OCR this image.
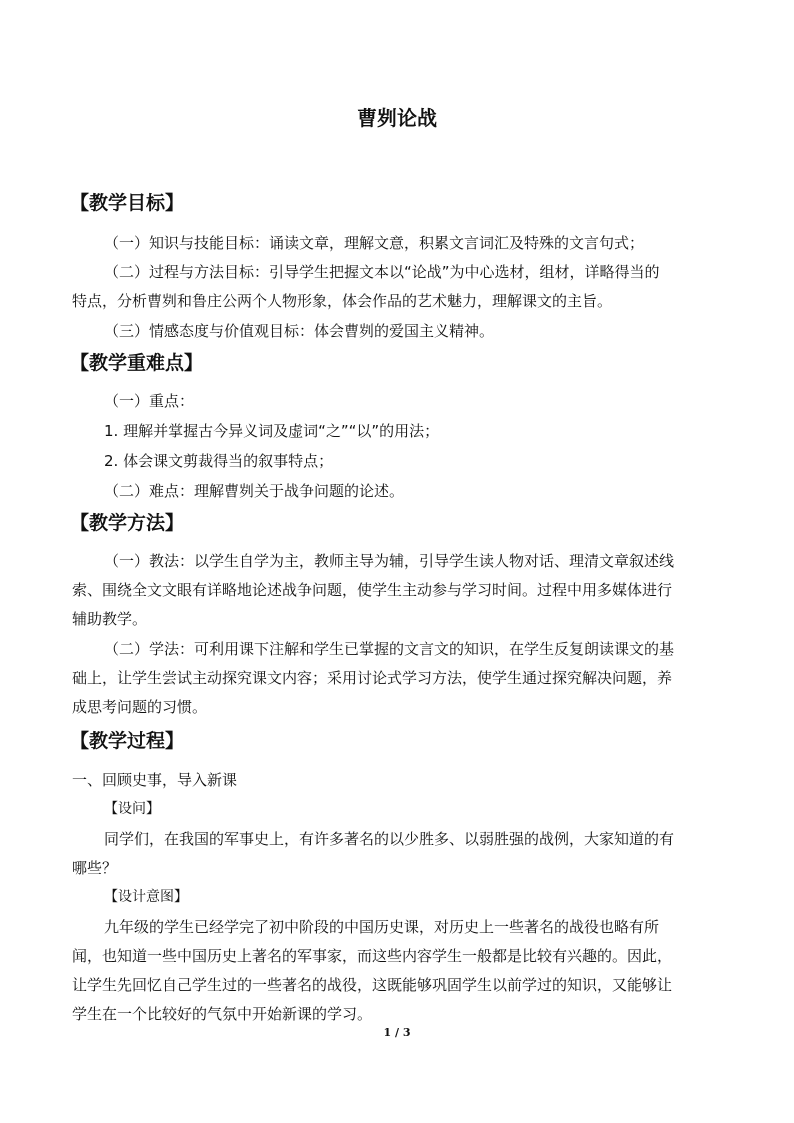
曹刿论战
【教学目标】
（一）知识与技能目标：诵读文章，理解文意，积累文言词汇及特殊的文言句式；
（二）过程与方法目标：引导学生把握文本以“论战”为中心选材，组材，详略得当的
特点，分析曹刿和鲁庄公两个人物形象，体会作品的艺术魅力，理解课文的主旨。
（三）情感态度与价值观目标：体会曹刿的爱国主义精神。
【教学重难点】
（一）重点：
1. 理解并掌握古今异义词及虚词“之”“以”的用法；
2. 体会课文剪裁得当的叙事特点；
（二）难点：理解曹刿关于战争问题的论述。
【教学方法】
（一）教法：以学生自学为主，教师主导为辅，引导学生读人物对话、理清文章叙述线
索、围绕全文文眼有详略地论述战争问题，使学生主动参与学习时间。过程中用多媒体进行
辅助教学。
（二）学法：可利用课下注解和学生已掌握的文言文的知识，在学生反复朗读课文的基
础上，让学生尝试主动探究课文内容；采用讨论式学习方法，使学生通过探究解决问题，养
成思考问题的习惯。
【教学过程】
一、回顾史事，导入新课
【设问】
同学们，在我国的军事史上，有许多著名的以少胜多、以弱胜强的战例，大家知道的有
哪些？
【设计意图】
九年级的学生已经学完了初中阶段的中国历史课，对历史上一些著名的战役也略有所
闻，也知道一些中国历史上著名的军事家，而这些内容学生一般都是比较有兴趣的。因此，
让学生先回忆自己学生过的一些著名的战役，这既能够巩固学生以前学过的知识，又能够让
学生在一个比较好的气氛中开始新课的学习。
1 / 3
